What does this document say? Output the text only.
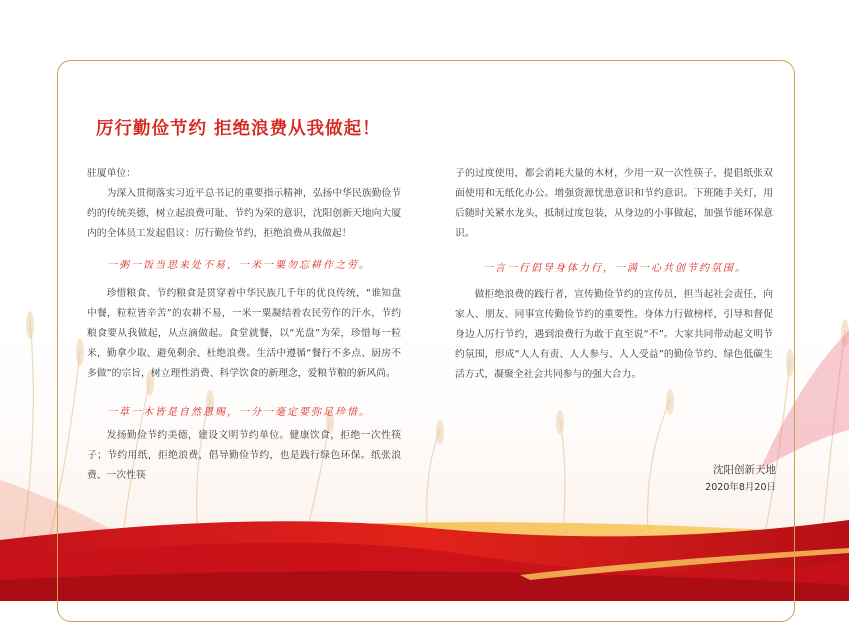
厉行勤俭节约 拒绝浪费从我做起！

驻厦单位：

为深入贯彻落实习近平总书记的重要指示精神，弘扬中华民族勤俭节约的传统美德，树立起浪费可耻、节约为荣的意识，沈阳创新天地向大厦内的全体员工发起倡议：厉行勤俭节约，拒绝浪费从我做起！

一粥一饭当思来处不易，一米一粟勿忘耕作之劳。

珍惜粮食、节约粮食是贯穿着中华民族几千年的优良传统，“谁知盘中餐，粒粒皆辛苦”的农耕不易，一米一粟凝结着农民劳作的汗水，节约粮食要从我做起，从点滴做起。食堂就餐，以“光盘”为荣，珍惜每一粒米，勤拿少取、避免剩余、杜绝浪费。生活中遵循“餐行不多点、厨房不多做”的宗旨，树立理性消费、科学饮食的新理念，爱粮节粮的新风尚。

一草一木皆是自然恩赐，一分一毫定要弥足珍惜。

发扬勤俭节约美德，建设文明节约单位。健康饮食，拒绝一次性筷子；节约用纸，拒绝浪费，倡导勤俭节约，也是践行绿色环保。纸张浪费、一次性筷

子的过度使用，都会消耗大量的木材，少用一双一次性筷子，提倡纸张双面使用和无纸化办公。增强资源忧患意识和节约意识。下班随手关灯，用后随时关紧水龙头，抵制过度包装，从身边的小事做起，加强节能环保意识。

一言一行倡导身体力行，一满一心共创节约氛围。

做拒绝浪费的践行者，宣传勤俭节约的宣传员，担当起社会责任，向家人、朋友、同事宣传勤俭节约的重要性。身体力行做榜样，引导和督促身边人厉行节约，遇到浪费行为敢于直至说“不”。大家共同带动起文明节约氛围，形成“人人有责、人人参与、人人受益”的勤俭节约、绿色低碳生活方式，凝聚全社会共同参与的强大合力。

沈阳创新天地
2020年8月20日
